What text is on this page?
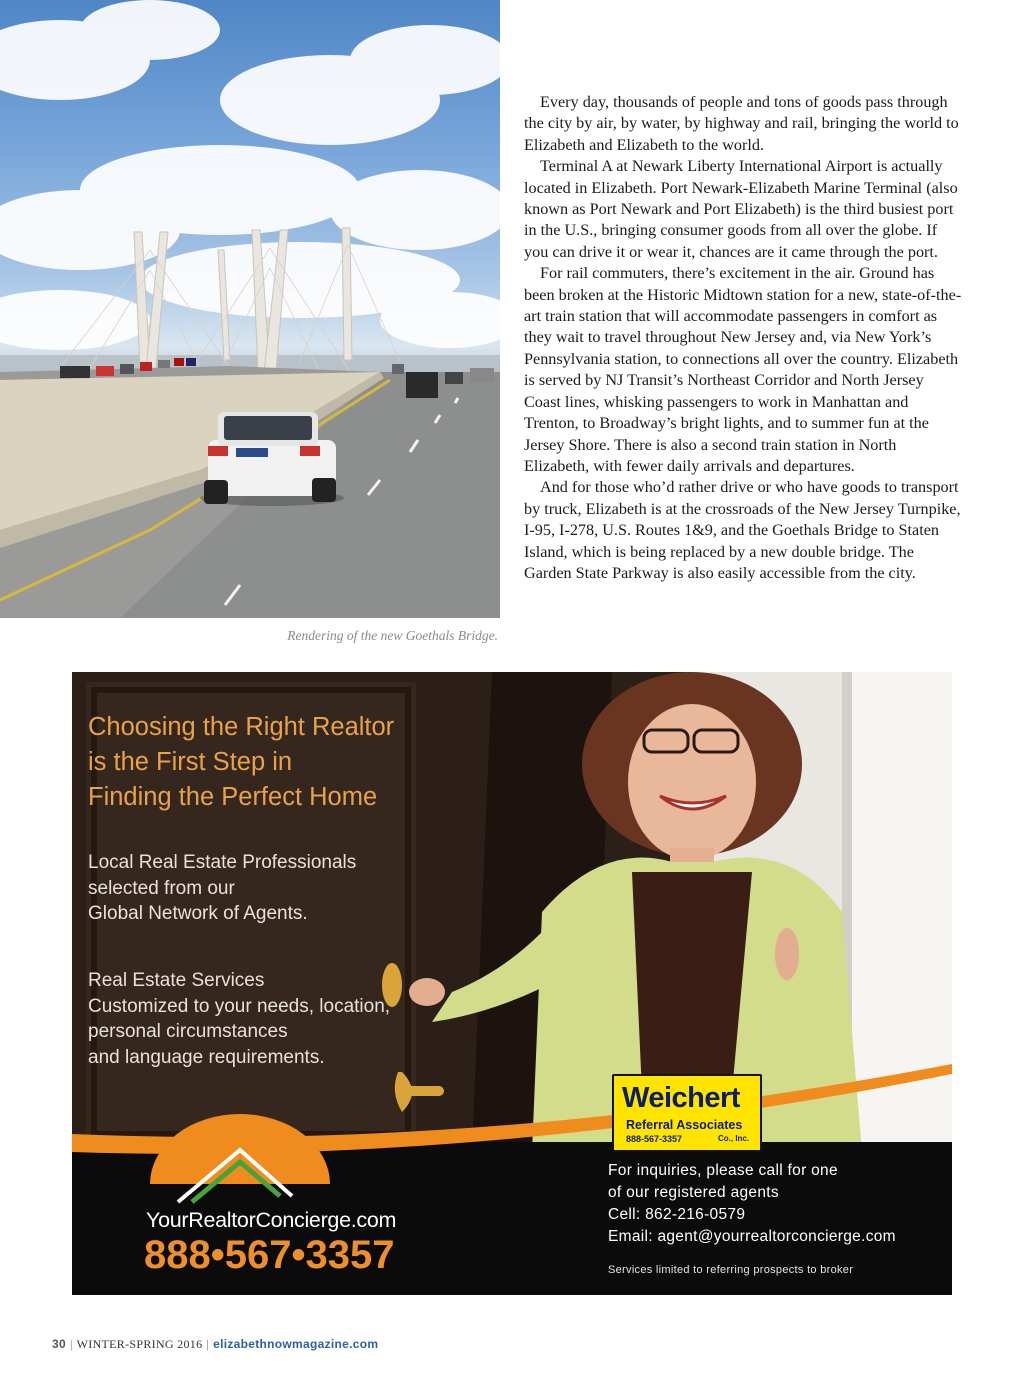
Rendering of the new Goethals Bridge.

Every day, thousands of people and tons of goods pass through the city by air, by water, by highway and rail, bringing the world to Elizabeth and Elizabeth to the world.

Terminal A at Newark Liberty International Airport is actually located in Elizabeth. Port Newark-Elizabeth Marine Terminal (also known as Port Newark and Port Elizabeth) is the third busiest port in the U.S., bringing consumer goods from all over the globe. If you can drive it or wear it, chances are it came through the port.

For rail commuters, there’s excitement in the air. Ground has been broken at the Historic Midtown station for a new, state-of-the-art train station that will accommodate passengers in comfort as they wait to travel throughout New Jersey and, via New York’s Pennsylvania station, to connections all over the country. Elizabeth is served by NJ Transit’s Northeast Corridor and North Jersey Coast lines, whisking passengers to work in Manhattan and Trenton, to Broadway’s bright lights, and to summer fun at the Jersey Shore. There is also a second train station in North Elizabeth, with fewer daily arrivals and departures.

And for those who’d rather drive or who have goods to transport by truck, Elizabeth is at the crossroads of the New Jersey Turnpike, I-95, I-278, U.S. Routes 1&9, and the Goethals Bridge to Staten Island, which is being replaced by a new double bridge. The Garden State Parkway is also easily accessible from the city.

Choosing the Right Realtor
is the First Step in
Finding the Perfect Home
Local Real Estate Professionals
selected from our
Global Network of Agents.
Real Estate Services
Customized to your needs, location,
personal circumstances
and language requirements.
Weichert
Referral Associates
888-567-3357	Co., Inc.
YourRealtorConcierge.com
888•567•3357
For inquiries, please call for one
of our registered agents
Cell: 862-216-0579
Email: agent@yourrealtorconcierge.com
Services limited to referring prospects to broker
30 | WINTER-SPRING 2016 | elizabethnowmagazine.com
